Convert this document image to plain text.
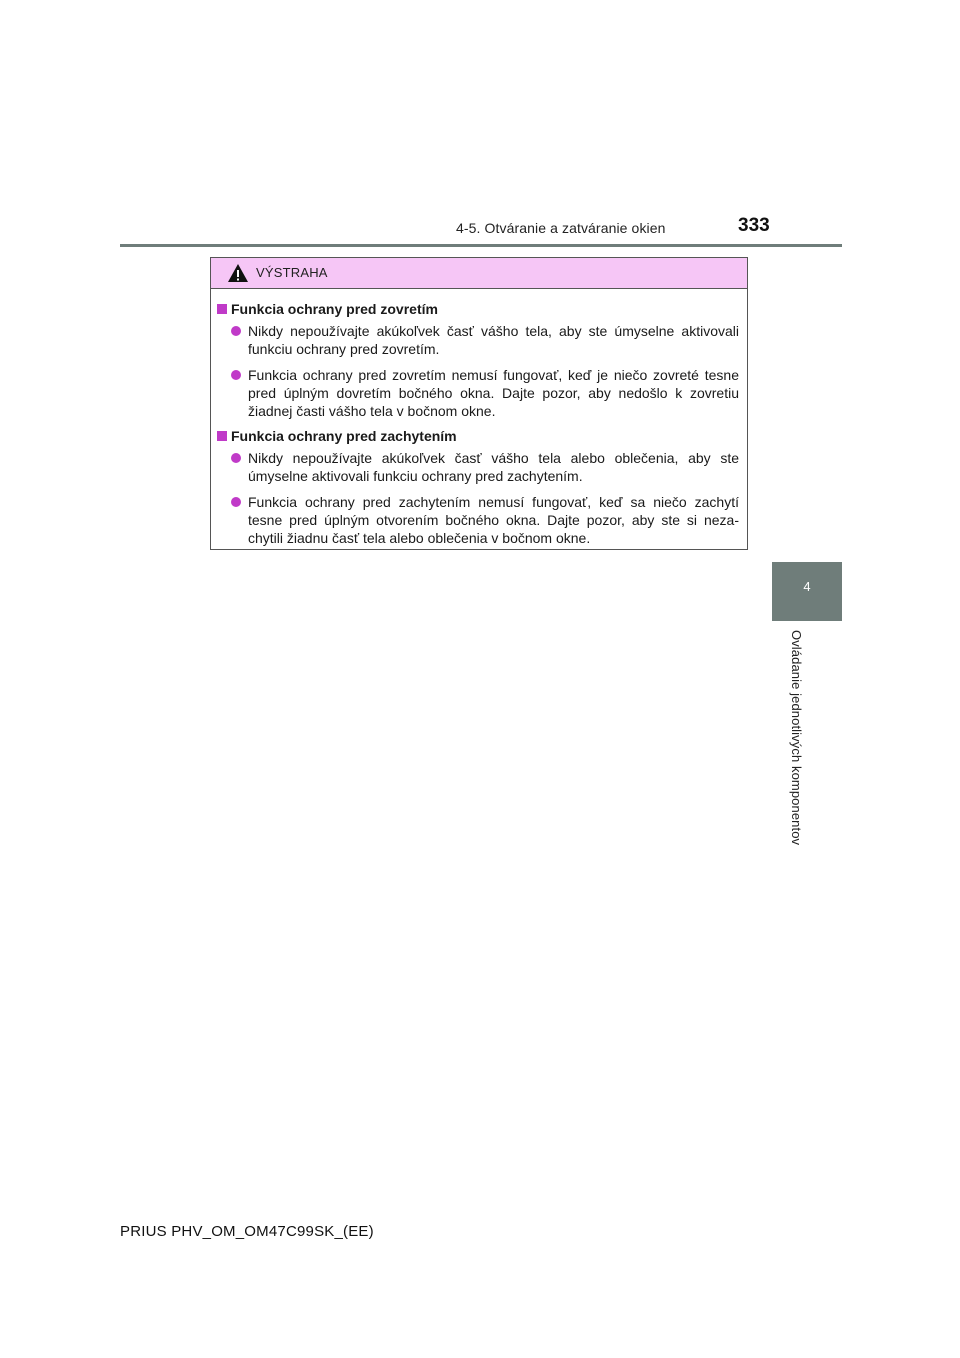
4-5. Otváranie a zatváranie okien	333
4
Ovládanie jednotlivých komponentov
VÝSTRAHA
Funkcia ochrany pred zovretím
Nikdy nepoužívajte akúkoľvek časť vášho tela, aby ste úmyselne aktivovali funkciu ochrany pred zovretím.
Funkcia ochrany pred zovretím nemusí fungovať, keď je niečo zovreté tesne pred úplným dovretím bočného okna. Dajte pozor, aby nedošlo k zovretiu žiadnej časti vášho tela v bočnom okne.
Funkcia ochrany pred zachytením
Nikdy nepoužívajte akúkoľvek časť vášho tela alebo oblečenia, aby ste úmyselne aktivovali funkciu ochrany pred zachytením.
Funkcia ochrany pred zachytením nemusí fungovať, keď sa niečo zachytí tesne pred úplným otvorením bočného okna. Dajte pozor, aby ste si neza-chytili žiadnu časť tela alebo oblečenia v bočnom okne.
PRIUS PHV_OM_OM47C99SK_(EE)
